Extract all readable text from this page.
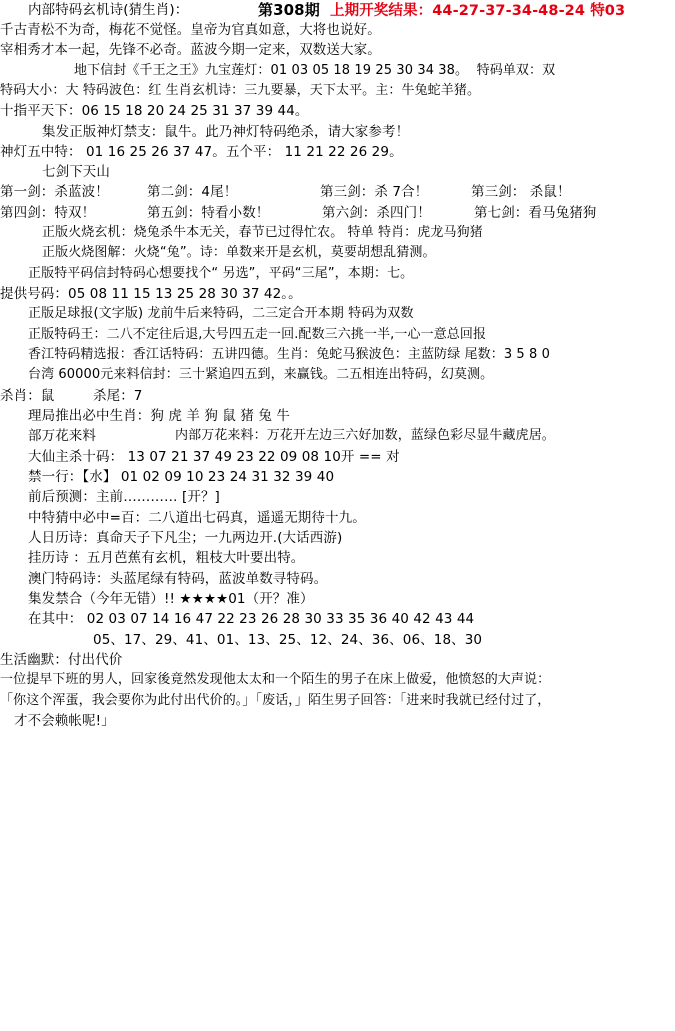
内部特码玄机诗(猜生肖)：	第308期 上期开奖结果：44-27-37-34-48-24 特03
千古青松不为奇，梅花不觉怪。皇帝为官真如意，大将也说好。
宰相秀才本一起，先锋不必奇。蓝波今期一定来，双数送大家。
地下信封《千王之王》九宝莲灯：01 03 05 18 19 25 30 34 38。  特码单双：双
特码大小：大 特码波色：红 生肖玄机诗：三九要暴，天下太平。主：牛兔蛇羊猪。
十指平天下：06 15 18 20 24 25 31 37 39 44。
集发正版神灯禁支：鼠牛。此乃神灯特码绝杀，请大家参考！
神灯五中特： 01 16 25 26 37 47。五个平： 11 21 22 26 29。
七剑下天山
第一剑：杀蓝波！	第二剑：4尾！	第三剑：杀 7合！	第三剑： 杀鼠！
第四剑：特双！	第五剑：特看小数！	第六剑：杀四门！	第七剑：看马兔猪狗
正版火烧玄机：烧兔杀牛本无关，春节已过得忙农。 特单 特肖：虎龙马狗猪
正版火烧图解：火烧“兔”。诗：单数来开是玄机，莫要胡想乱猜测。
正版特平码信封特码心想要找个“ 另选”，平码“三尾”，本期：七。
提供号码：05 08 11 15 13 25 28 30 37 42。。
正版足球报(文字版) 龙前牛后来特码，二三定合开本期 特码为双数
正版特码王：二八不定往后退,大号四五走一回.配数三六挑一半,一心一意总回报
香江特码精选报：香江话特码：五讲四德。生肖：兔蛇马猴波色：主蓝防绿 尾数：3 5 8 0
台湾 60000元来料信封：三十紧追四五到，来赢钱。二五相连出特码，幻莫测。
杀肖：鼠	杀尾：7
理局推出必中生肖：狗 虎 羊 狗 鼠 猪 兔 牛
部万花来料	内部万花来料：万花开左边三六好加数，蓝绿色彩尽显牛藏虎居。
大仙主杀十码： 13 07 21 37 49 23 22 09 08 10开 == 对
禁一行：【水】 01 02 09 10 23 24 31 32 39 40
前后预测：主前………… [开？]
中特猜中必中=百：二八道出七码真，遥遥无期待十九。
人日历诗：真命天子下凡尘；一九两边开.(大话西游)
挂历诗 ：五月芭蕉有玄机，粗枝大叶要出特。
澳门特码诗：头蓝尾绿有特码，蓝波单数寻特码。
集发禁合（今年无错）!! ★★★★01（开？准）
在其中： 02 03 07 14 16 47 22 23 26 28 30 33 35 36 40 42 43 44
05、17、29、41、01、13、25、12、24、36、06、18、30
生活幽默：付出代价
一位提早下班的男人，回家後竟然发现他太太和一个陌生的男子在床上做爱，他愤怒的大声说：
「你这个浑蛋，我会要你为此付出代价的。」「废话，」陌生男子回答：「进来时我就已经付过了，
才不会赖帐呢!」
